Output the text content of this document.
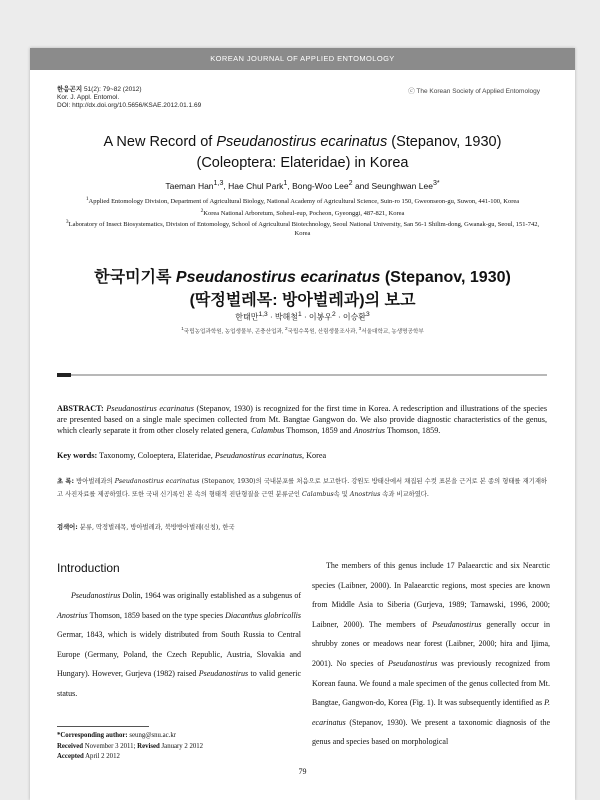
KOREAN JOURNAL OF APPLIED ENTOMOLOGY
한응곤지 51(2): 79~82 (2012)
Kor. J. Appl. Entomol.
DOI: http://dx.doi.org/10.5656/KSAE.2012.01.1.69
ⓒ The Korean Society of Applied Entomology
A New Record of Pseudanostirus ecarinatus (Stepanov, 1930)
(Coleoptera: Elateridae) in Korea
Taeman Han$^{1,3}$, Hae Chul Park$^1$, Bong-Woo Lee$^2$ and Seunghwan Lee$^{3*}$
$^1$Applied Entomology Division, Department of Agricultural Biology, National Academy of Agricultural Science, Suin-ro 150, Gweonseon-gu, Suwon, 441-100, Korea
$^2$Korea National Arboretum, Soheul-eup, Pocheon, Gyeonggi, 487-821, Korea
$^3$Laboratory of Insect Biosystematics, Division of Entomology, School of Agricultural Biotechnology, Seoul National University, San 56-1 Shilim-dong, Gwanak-gu, Seoul, 151-742, Korea
한국미기록 Pseudanostirus ecarinatus (Stepanov, 1930)
(딱정벌레목: 방아벌레과)의 보고
한태만$^{1,3}$ · 박해철$^1$ · 이봉우$^2$ · 이승환$^3$
$^1$국립농업과학원, 농업생물부, 곤충산업과, $^2$국립수목원, 산림생물조사과, $^3$서울대학교, 농생명공학부
ABSTRACT: Pseudanostirus ecarinatus (Stepanov, 1930) is recognized for the first time in Korea. A redescription and illustrations of the species are presented based on a single male specimen collected from Mt. Bangtae Gangwon do. We also provide diagnostic characteristics of the genus, which clearly separate it from other closely related genera, Calambus Thomson, 1859 and Anostrius Thomson, 1859.
Key words: Taxonomy, Coloeptera, Elateridae, Pseudanostirus ecarinatus, Korea
초 록: 방아벌레과의 Pseudanostirus ecarinatus (Stepanov, 1930)의 국내분포를 처음으로 보고한다. 강원도 방태산에서 채집된 수컷 표본을 근거로 본 종의 형태를 재기재하고 사진자료를 제공하였다. 또한 국내 신기록인 본 속의 형태적 진단형질을 근연 분류군인 Calambus속 및 Anostrius 속과 비교하였다.
검색어: 분류, 딱정벌레목, 방아벌레과, 북방방아벌레(신칭), 한국
Introduction

Pseudanostirus Dolin, 1964 was originally established as a subgenus of Anostrius Thomson, 1859 based on the type species Diacanthus globricollis Germar, 1843, which is widely distributed from South Russia to Central Europe (Germany, Poland, the Czech Republic, Austria, Slovakia and Hungary). However, Gurjeva (1982) raised Pseudanostirus to valid generic status.

The members of this genus include 17 Palaearctic and six Nearctic species (Laibner, 2000). In Palaearctic regions, most species are known from Middle Asia to Siberia (Gurjeva, 1989; Tarnawski, 1996, 2000; Laibner, 2000). The members of Pseudanostirus generally occur in shrubby zones or meadows near forest (Laibner, 2000; hira and Ijima, 2001). No species of Pseudanostirus was previously recognized from Korean fauna. We found a male specimen of the genus collected from Mt. Bangtae, Gangwon-do, Korea (Fig. 1). It was subsequently identified as P. ecarinatus (Stepanov, 1930). We present a taxonomic diagnosis of the genus and species based on morphological

*Corresponding author: seung@snu.ac.kr
Received November 3 2011; Revised January 2 2012
Accepted April 2 2012
79
